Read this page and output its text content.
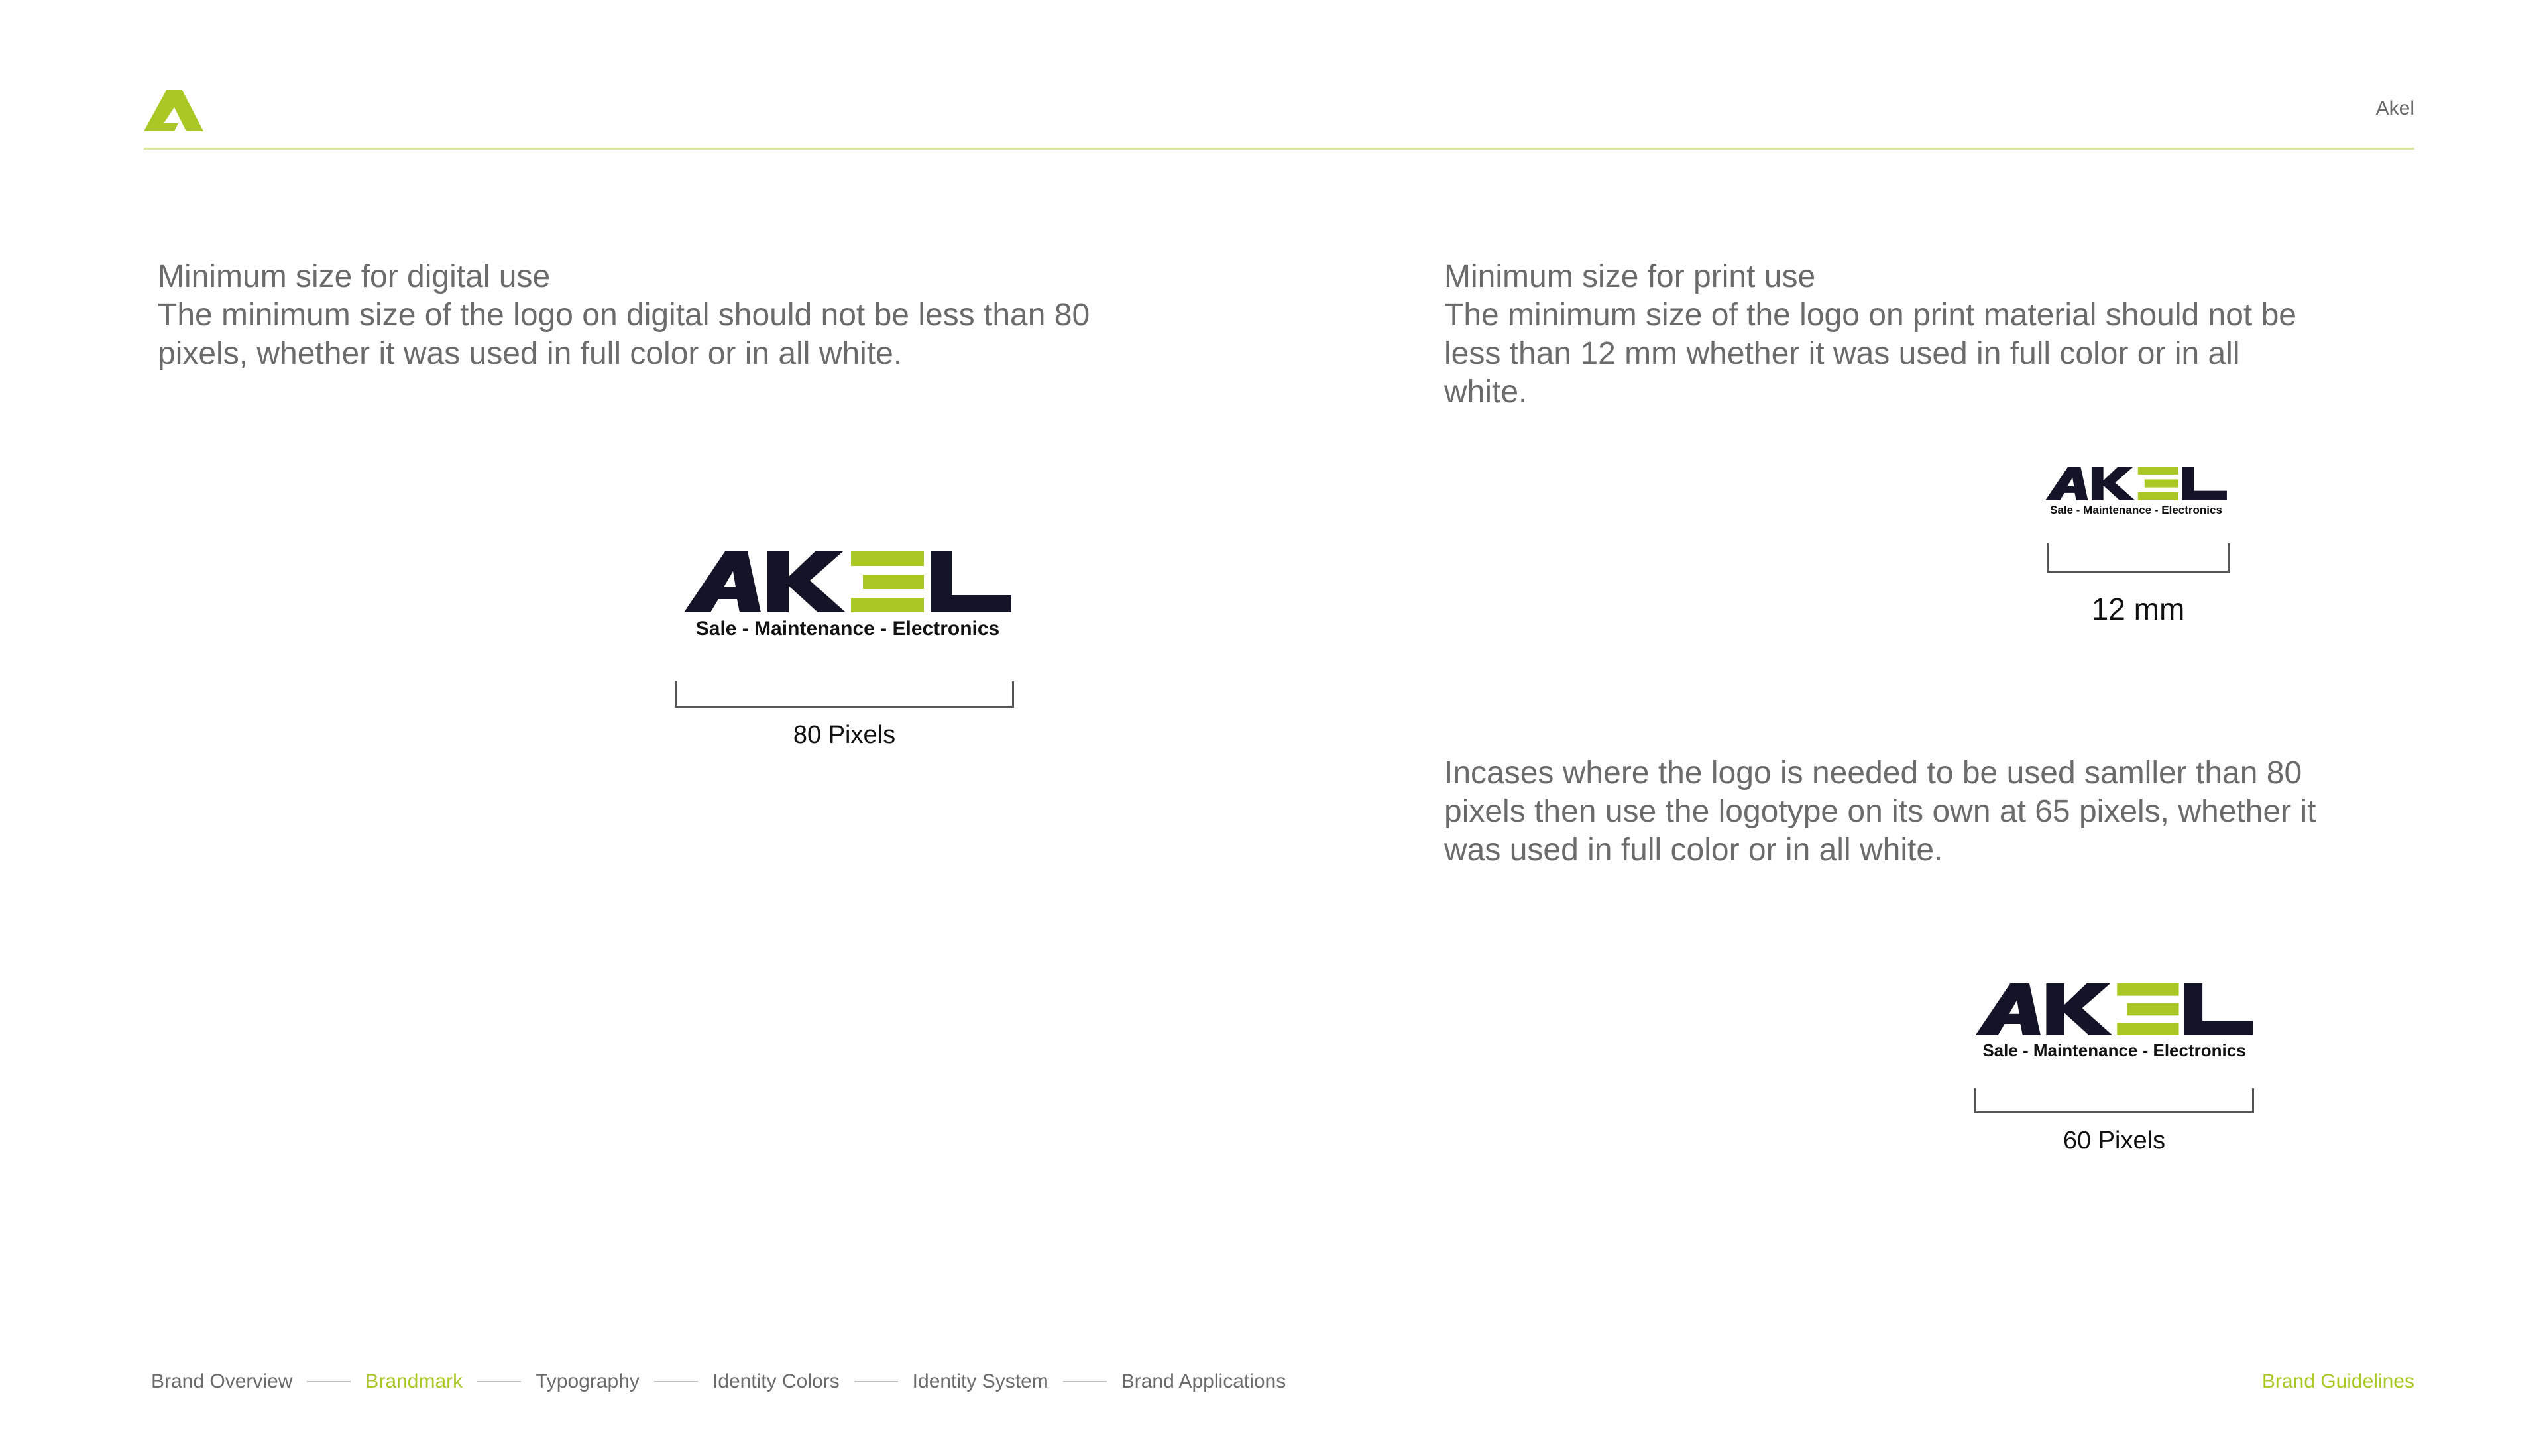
Akel
Minimum size for digital use
The minimum size of the logo on digital should not be less than 80
pixels, whether it was used in full color or in all white.
Sale - Maintenance - Electronics
80 Pixels
Minimum size for print use
The minimum size of the logo on print material should not be
less than 12 mm whether it was used in full color or in all
white.
Sale - Maintenance - Electronics
12 mm
Incases where the logo is needed to be used samller than 80
pixels then use the logotype on its own at 65 pixels, whether it
was used in full color or in all white.
Sale - Maintenance - Electronics
60 Pixels
Brand Overview	Brandmark	Typography	Identity Colors	Identity System	Brand Applications	Brand Guidelines
